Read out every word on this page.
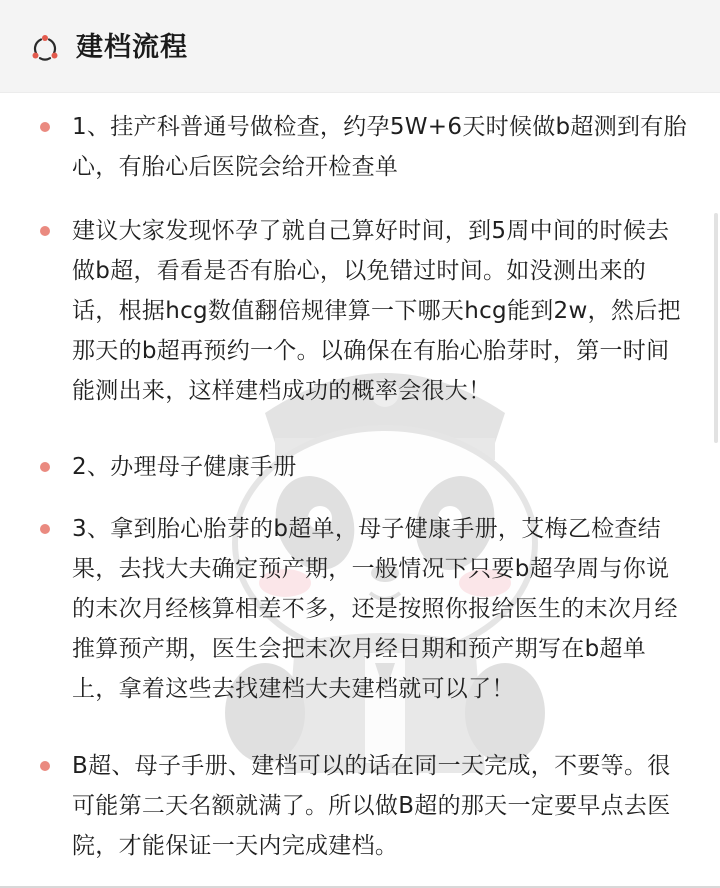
建档流程
1、挂产科普通号做检查，约孕5W+6天时候做b超测到有胎
心，有胎心后医院会给开检查单
建议大家发现怀孕了就自己算好时间，到5周中间的时候去
做b超，看看是否有胎心，以免错过时间。如没测出来的
话，根据hcg数值翻倍规律算一下哪天hcg能到2w，然后把
那天的b超再预约一个。以确保在有胎心胎芽时，第一时间
能测出来，这样建档成功的概率会很大！
2、办理母子健康手册
3、拿到胎心胎芽的b超单，母子健康手册，艾梅乙检查结
果，去找大夫确定预产期，一般情况下只要b超孕周与你说
的末次月经核算相差不多，还是按照你报给医生的末次月经
推算预产期，医生会把末次月经日期和预产期写在b超单
上，拿着这些去找建档大夫建档就可以了！
B超、母子手册、建档可以的话在同一天完成，不要等。很
可能第二天名额就满了。所以做B超的那天一定要早点去医
院，才能保证一天内完成建档。
